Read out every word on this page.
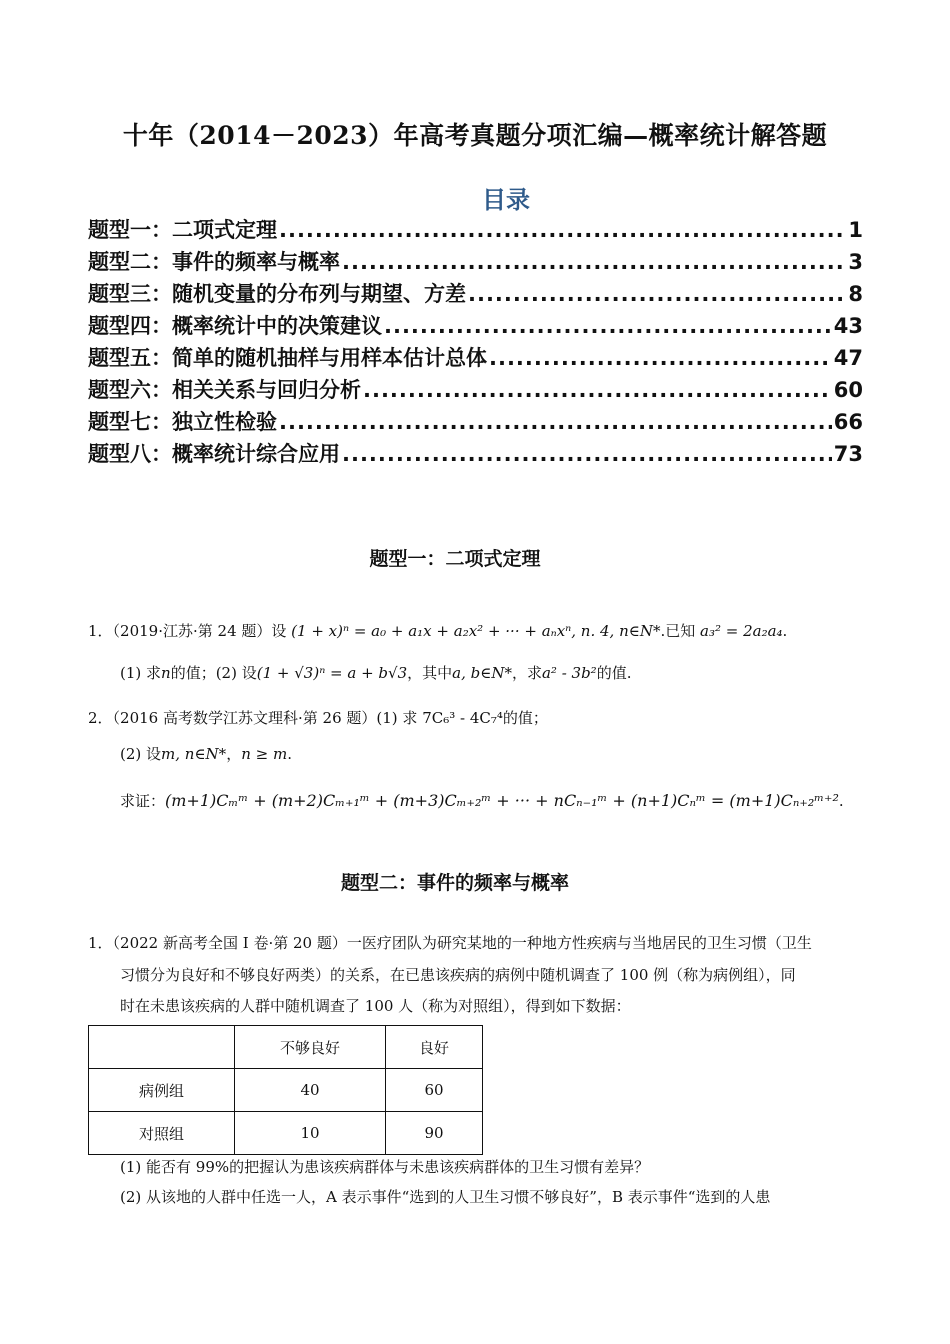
十年（2014－2023）年高考真题分项汇编—概率统计解答题
目录
题型一：二项式定理 .....	1
题型二：事件的频率与概率 .....	3
题型三：随机变量的分布列与期望、方差 .....	8
题型四：概率统计中的决策建议 .....	43
题型五：简单的随机抽样与用样本估计总体 .....	47
题型六：相关关系与回归分析 .....	60
题型七：独立性检验 .....	66
题型八：概率统计综合应用 .....	73
题型一：二项式定理
1．（2019·江苏·第 24 题）设 (1 + x)ⁿ = a₀ + a₁x + a₂x² + ··· + aₙxⁿ, n. 4, n∈N*.已知 a₃² = 2a₂a₄.
(1) 求n的值；(2) 设(1 + √3)ⁿ = a + b√3，其中a, b∈N*，求a² - 3b²的值.
2．（2016 高考数学江苏文理科·第 26 题）(1) 求 7C₆³ - 4C₇⁴的值；
(2) 设m, n∈N*，n ≥ m.
求证：(m+1)Cₘᵐ + (m+2)Cₘ₊₁ᵐ + (m+3)Cₘ₊₂ᵐ + ··· + nCₙ₋₁ᵐ + (n+1)Cₙᵐ = (m+1)Cₙ₊₂ᵐ⁺².
题型二：事件的频率与概率
1．（2022 新高考全国 I 卷·第 20 题）一医疗团队为研究某地的一种地方性疾病与当地居民的卫生习惯（卫生
习惯分为良好和不够良好两类）的关系，在已患该疾病的病例中随机调查了 100 例（称为病例组），同
时在未患该疾病的人群中随机调查了 100 人（称为对照组），得到如下数据：
	不够良好	良好
病例组	40	60
对照组	10	90
(1) 能否有 99%的把握认为患该疾病群体与未患该疾病群体的卫生习惯有差异？
(2) 从该地的人群中任选一人，A 表示事件“选到的人卫生习惯不够良好”，B 表示事件“选到的人患
